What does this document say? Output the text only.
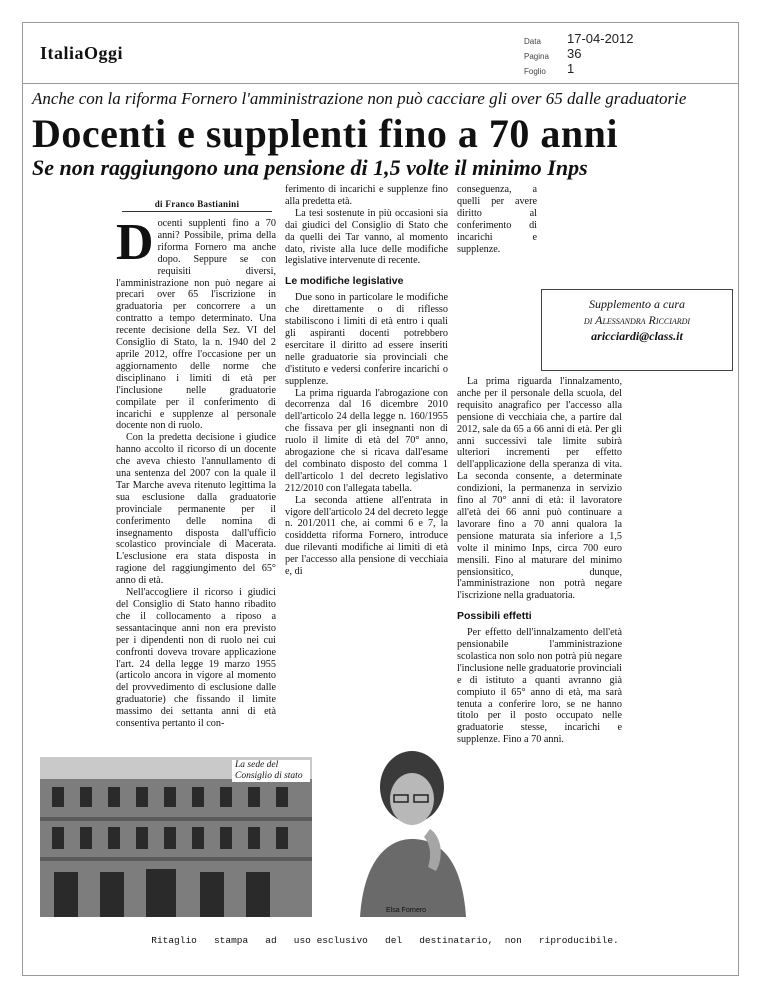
ItaliaOggi
Data 17-04-2012
Pagina 36
Foglio 1
Anche con la riforma Fornero l'amministrazione non può cacciare gli over 65 dalle graduatorie
Docenti e supplenti fino a 70 anni
Se non raggiungono una pensione di 1,5 volte il minimo Inps
di Franco Bastianini

Docenti supplenti fino a 70 anni? Possibile, prima della riforma Fornero ma anche dopo. Seppure se con requisiti diversi, l'amministrazione non può negare ai precari over 65 l'iscrizione in graduatoria per concorrere a un contratto a tempo determinato. Una recente decisione della Sez. VI del Consiglio di Stato, la n. 1940 del 2 aprile 2012, offre l'occasione per un aggiornamento delle norme che disciplinano i limiti di età per l'inclusione nelle graduatorie compilate per il conferimento di incarichi e supplenze al personale docente non di ruolo.

Con la predetta decisione i giudice hanno accolto il ricorso di un docente che aveva chiesto l'annullamento di una sentenza del 2007 con la quale il Tar Marche aveva ritenuto legittima la sua esclusione dalla graduatorie provinciale permanente per il conferimento delle nomina di insegnamento disposta dall'ufficio scolastico provinciale di Macerata. L'esclusione era stata disposta in ragione del raggiungimento del 65° anno di età.

Nell'accogliere il ricorso i giudici del Consiglio di Stato hanno ribadito che il collocamento a riposo a sessantacinque anni non era previsto per i dipendenti non di ruolo nei cui confronti doveva trovare applicazione l'art. 24 della legge 19 marzo 1955 (articolo ancora in vigore al momento del provvedimento di esclusione dalle graduatorie) che fissando il limite massimo dei settanta anni di età consentiva pertanto il con-

ferimento di incarichi e supplenze fino alla predetta età.

La tesi sostenute in più occasioni sia dai giudici del Consiglio di Stato che da quelli dei Tar vanno, al momento dato, riviste alla luce delle modifiche legislative intervenute di recente.

Le modifiche legislative

Due sono in particolare le modifiche che direttamente o di riflesso stabiliscono i limiti di età entro i quali gli aspiranti docenti potrebbero esercitare il diritto ad essere inseriti nelle graduatorie sia provinciali che d'istituto e vedersi conferire incarichi o supplenze.

La prima riguarda l'abrogazione con decorrenza dal 16 dicembre 2010 dell'articolo 24 della legge n. 160/1955 che fissava per gli insegnanti non di ruolo il limite di età del 70° anno, abrogazione che si ricava dall'esame del combinato disposto del comma 1 dell'articolo 1 del decreto legislativo 212/2010 con l'allegata tabella.

La seconda attiene all'entrata in vigore dell'articolo 24 del decreto legge n. 201/2011 che, ai commi 6 e 7, la cosiddetta riforma Fornero, introduce due rilevanti modifiche ai limiti di età per l'accesso alla pensione di vecchiaia e, di

conseguenza, a quelli per avere diritto al conferimento di incarichi e supplenze.

La prima riguarda l'innalzamento, anche per il personale della scuola, del requisito anagrafico per l'accesso alla pensione di vecchiaia che, a partire dal 2012, sale da 65 a 66 anni di età. Per gli anni successivi tale limite subirà ulteriori incrementi per effetto dell'applicazione della speranza di vita. La seconda consente, a determinate condizioni, la permanenza in servizio fino al 70° anni di età: il lavoratore all'età dei 66 anni può continuare a lavorare fino a 70 anni qualora la pensione maturata sia inferiore a 1,5 volte il minimo Inps, circa 700 euro mensili. Fino al maturare del minimo pensionsitico, dunque, l'amministrazione non potrà negare l'iscrizione nella graduatoria.

Possibili effetti

Per effetto dell'innalzamento dell'età pensionabile l'amministrazione scolastica non solo non potrà più negare l'inclusione nelle graduatorie provinciali e di istituto a quanti avranno già compiuto il 65° anno di età, ma sarà tenuta a conferire loro, se ne hanno titolo per il posto occupato nelle graduatorie stesse, incarichi e supplenze. Fino a 70 anni.

Supplemento a cura
di Alessandra Ricciardi
aricciardi@class.it
La sede del Consiglio di stato
Elsa Fornero
Ritaglio   stampa   ad   uso esclusivo   del   destinatario,  non   riproducibile.
